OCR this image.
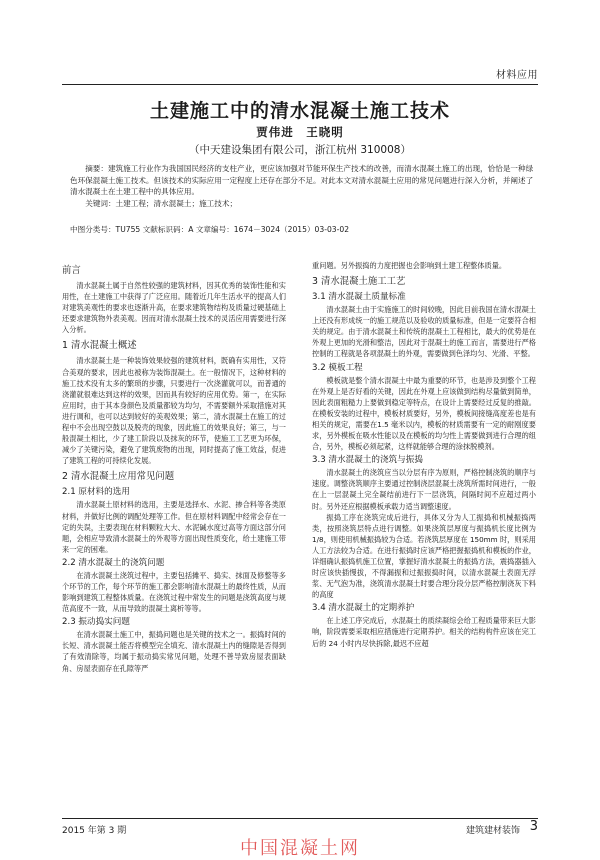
材料应用
土建施工中的清水混凝土施工技术
贾伟进　王晓明
（中天建设集团有限公司，浙江杭州 310008）

摘要：建筑施工行业作为我国国民经济的支柱产业，更应该加强对节能环保生产技术的改善，而清水混凝土施工的出现，恰恰是一种绿色环保混凝土施工技术。但该技术的实际应用一定程度上还存在部分不足。对此本文对清水混凝土应用的常见问题进行深入分析，并阐述了清水混凝土在土建工程中的具体应用。

关键词：土建工程；清水混凝土；施工技术；

中图分类号：TU755 文献标识码：A 文章编号：1674－3024（2015）03-03-02
前言

清水混凝土属于自然性较强的建筑材料，因其优秀的装饰性能和实用性，在土建施工中获得了广泛应用。随着近几年生活水平的提高人们对建筑美观性的要求也逐渐升高，在要求建筑物结构及质量过硬基础上还要求建筑物外表美观。因而对清水混凝土技术的灵活应用需要进行深入分析。

1 清水混凝土概述

清水混凝土是一种装饰效果较强的建筑材料，既确有实用性，又符合美观的要求，因此也被称为装饰混凝土。在一般情况下，这种材料的施工技术没有太多的繁琐的步骤，只要进行一次浇灌就可以，而普通的浇灌就很难达到这样的效果，因而具有较好的应用优势。第一，在实际应用时，由于其本身颜色及质量都较为均匀，不需要额外采取措施对其进行调和，也可以达到较好的美观效果；第二，清水混凝土在施工的过程中不会出现空鼓以及脱壳的现象，因此施工的效果良好；第三，与一般混凝土相比，少了建工阶段以及抹灰的环节，使施工工艺更为环保，减少了关键污染，避免了建筑废物的出现，同时提高了施工效益，促进了建筑工程的可持续化发展。

2 清水混凝土应用常见问题
2.1 原材料的选用

清水混凝土原材料的选用，主要是选择水、水泥、掺合料等各类原材料，并做好比例的调配处理等工作。但在原材料调配中经常会存在一定的失误，主要表现在材料颗粒大大、水泥碱水度过高等方面这部分问题，会相应导致清水混凝土的外观等方面出现性质变化，给土建施工带来一定的困难。

2.2 清水混凝土的浇筑问题

在清水混凝土浇筑过程中，主要包括摊平、捣实、抹面及修整等多个环节的工作，每个环节的施工都会影响清水混凝土的最终性质，从而影响到建筑工程整体质量。在浇筑过程中常发生的问题是浇筑高度与规范高度不一致，从而导致的混凝土离析等等。

2.3 振动捣实问题

在清水混凝土施工中，振捣问题也是关键的技术之一。振捣时间的长短、清水混凝土能否将模型完全填充、清水混凝土内的缝隙是否得到了有效清除等，均属于振动捣实常见问题，处理不善导致房屋表面缺角、房屋表面存在孔隙等严

重问题。另外振捣的力度把握也会影响到土建工程整体质量。

3 清水混凝土施工工艺
3.1 清水混凝土质量标准

清水混凝土由于实施施工的时间较晚，因此目前我国在清水混凝土上还没有形成统一的施工规范以及验收的质量标准，但是一定要符合相关的规定。由于清水混凝土和传统的混凝土工程相比，最大的优势是在外观上更加的光滑和整洁，因此对于混凝土的施工而言，需要进行严格控制的工程就是各项混凝土的外观，需要做到色泽均匀、光滑、平整。

3.2 模板工程

模板就是整个清水混凝土中最为重要的环节，也是涉及到整个工程在外观上是否好看的关键，因此在外观上应该做到结构尽量做到简单，因此表面粗糙力上要做到稳定等特点，在设计上需要经过反复的推敲。在模板安装的过程中，模板材质要好，另外，模板间接缝高度差也是有相关的规定，需要在1.5 毫米以内，模板的材质需要有一定的耐刚度要求，另外模板在吸水性能以及在模板的均匀性上需要做到进行合理的组合，另外，模板必须起紧，这样就能够合理的涂抹脱模剂。

3.3 清水混凝土的浇筑与振捣

清水混凝土的浇筑应当以分层有序为原则，严格控制浇筑的顺序与速度。调整浇筑顺序主要通过控制浇层混凝土浇筑所需时间进行，一般在上一层混凝土完全凝结前进行下一层浇筑，间隔时间不应超过两小时。另外还应根据模板承载力适当调整速度。

振捣工序在浇筑完成后进行，具体又分为人工振捣和机械振捣两类，按照浇筑层特点进行调整。如果浇筑层厚度与振捣机长度比例为 1/8，则使用机械振捣较为合适。若浇筑层厚度在 150mm 时，则采用人工方法较为合适。在进行振捣时应该严格把握振捣机和模板的作业，详细确认振捣机施工位置，掌握好清水混凝土的振捣方法，震捣器插入时应该快插慢拔，不得漏振和过振振捣时间，以清水混凝土表面无浮浆、无气泡为准，浇筑清水混凝土时要合理分段分层严格控制浇灰下料的高度

3.4 清水混凝土的定期养护

在上述工序完成后，水混凝土的质续凝综会给工程质量带来巨大影响，阶段需要采取相应措施进行定期养护。相关的结构构件应该在完工后的 24 小时内尽快拆除,最迟不应超

2015 年第 3 期	建筑建材装饰 3
中国混凝土网
